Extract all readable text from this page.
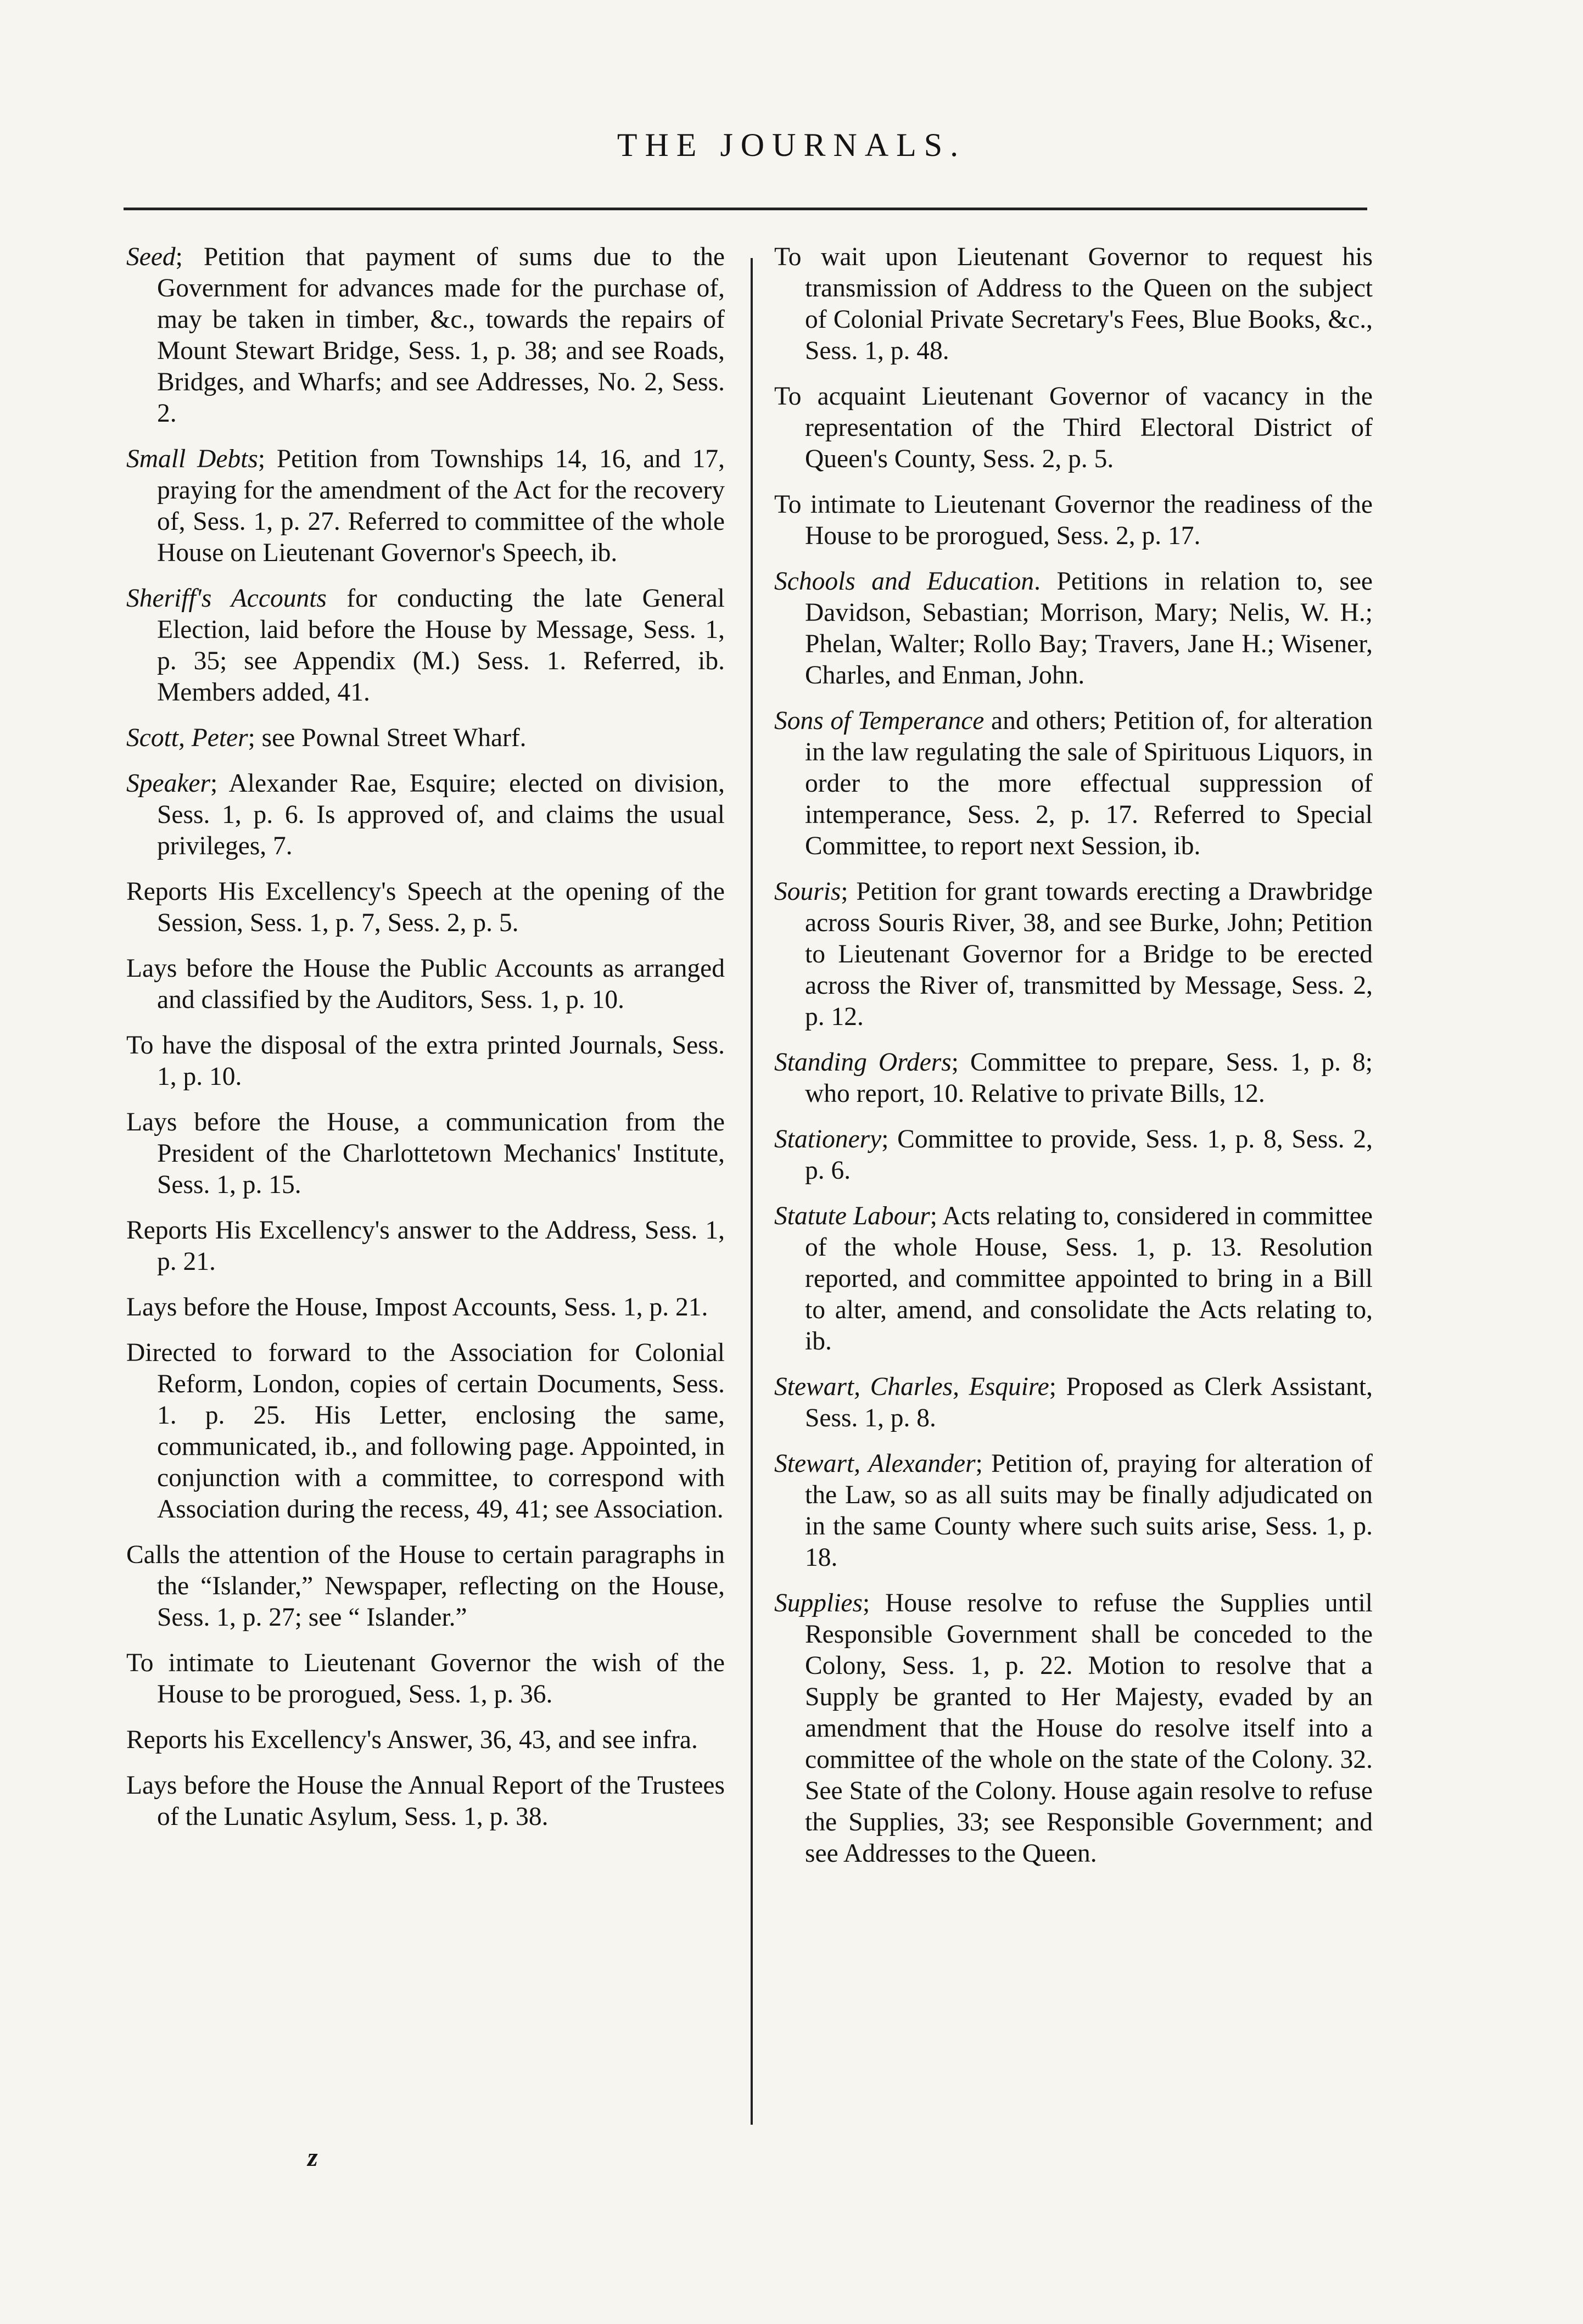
THE JOURNALS.

Seed; Petition that payment of sums due to the Government for advances made for the purchase of, may be taken in timber, &c., towards the repairs of Mount Stewart Bridge, Sess. 1, p. 38; and see Roads, Bridges, and Wharfs; and see Addresses, No. 2, Sess. 2.

Small Debts; Petition from Townships 14, 16, and 17, praying for the amendment of the Act for the recovery of, Sess. 1, p. 27. Referred to committee of the whole House on Lieutenant Governor's Speech, ib.

Sheriff's Accounts for conducting the late General Election, laid before the House by Message, Sess. 1, p. 35; see Appendix (M.) Sess. 1. Referred, ib. Members added, 41.

Scott, Peter; see Pownal Street Wharf.

Speaker; Alexander Rae, Esquire; elected on division, Sess. 1, p. 6. Is approved of, and claims the usual privileges, 7.

Reports His Excellency's Speech at the opening of the Session, Sess. 1, p. 7, Sess. 2, p. 5.

Lays before the House the Public Accounts as arranged and classified by the Auditors, Sess. 1, p. 10.

To have the disposal of the extra printed Journals, Sess. 1, p. 10.

Lays before the House, a communication from the President of the Charlottetown Mechanics' Institute, Sess. 1, p. 15.

Reports His Excellency's answer to the Address, Sess. 1, p. 21.

Lays before the House, Impost Accounts, Sess. 1, p. 21.

Directed to forward to the Association for Colonial Reform, London, copies of certain Documents, Sess. 1. p. 25. His Letter, enclosing the same, communicated, ib., and following page. Appointed, in conjunction with a committee, to correspond with Association during the recess, 49, 41; see Association.

Calls the attention of the House to certain paragraphs in the “Islander,” Newspaper, reflecting on the House, Sess. 1, p. 27; see “ Islander.”

To intimate to Lieutenant Governor the wish of the House to be prorogued, Sess. 1, p. 36.

Reports his Excellency's Answer, 36, 43, and see infra.

Lays before the House the Annual Report of the Trustees of the Lunatic Asylum, Sess. 1, p. 38.

To wait upon Lieutenant Governor to request his transmission of Address to the Queen on the subject of Colonial Private Secretary's Fees, Blue Books, &c., Sess. 1, p. 48.

To acquaint Lieutenant Governor of vacancy in the representation of the Third Electoral District of Queen's County, Sess. 2, p. 5.

To intimate to Lieutenant Governor the readiness of the House to be prorogued, Sess. 2, p. 17.

Schools and Education. Petitions in relation to, see Davidson, Sebastian; Morrison, Mary; Nelis, W. H.; Phelan, Walter; Rollo Bay; Travers, Jane H.; Wisener, Charles, and Enman, John.

Sons of Temperance and others; Petition of, for alteration in the law regulating the sale of Spirituous Liquors, in order to the more effectual suppression of intemperance, Sess. 2, p. 17. Referred to Special Committee, to report next Session, ib.

Souris; Petition for grant towards erecting a Drawbridge across Souris River, 38, and see Burke, John; Petition to Lieutenant Governor for a Bridge to be erected across the River of, transmitted by Message, Sess. 2, p. 12.

Standing Orders; Committee to prepare, Sess. 1, p. 8; who report, 10. Relative to private Bills, 12.

Stationery; Committee to provide, Sess. 1, p. 8, Sess. 2, p. 6.

Statute Labour; Acts relating to, considered in committee of the whole House, Sess. 1, p. 13. Resolution reported, and committee appointed to bring in a Bill to alter, amend, and consolidate the Acts relating to, ib.

Stewart, Charles, Esquire; Proposed as Clerk Assistant, Sess. 1, p. 8.

Stewart, Alexander; Petition of, praying for alteration of the Law, so as all suits may be finally adjudicated on in the same County where such suits arise, Sess. 1, p. 18.

Supplies; House resolve to refuse the Supplies until Responsible Government shall be conceded to the Colony, Sess. 1, p. 22. Motion to resolve that a Supply be granted to Her Majesty, evaded by an amendment that the House do resolve itself into a committee of the whole on the state of the Colony. 32. See State of the Colony. House again resolve to refuse the Supplies, 33; see Responsible Government; and see Addresses to the Queen.

z
